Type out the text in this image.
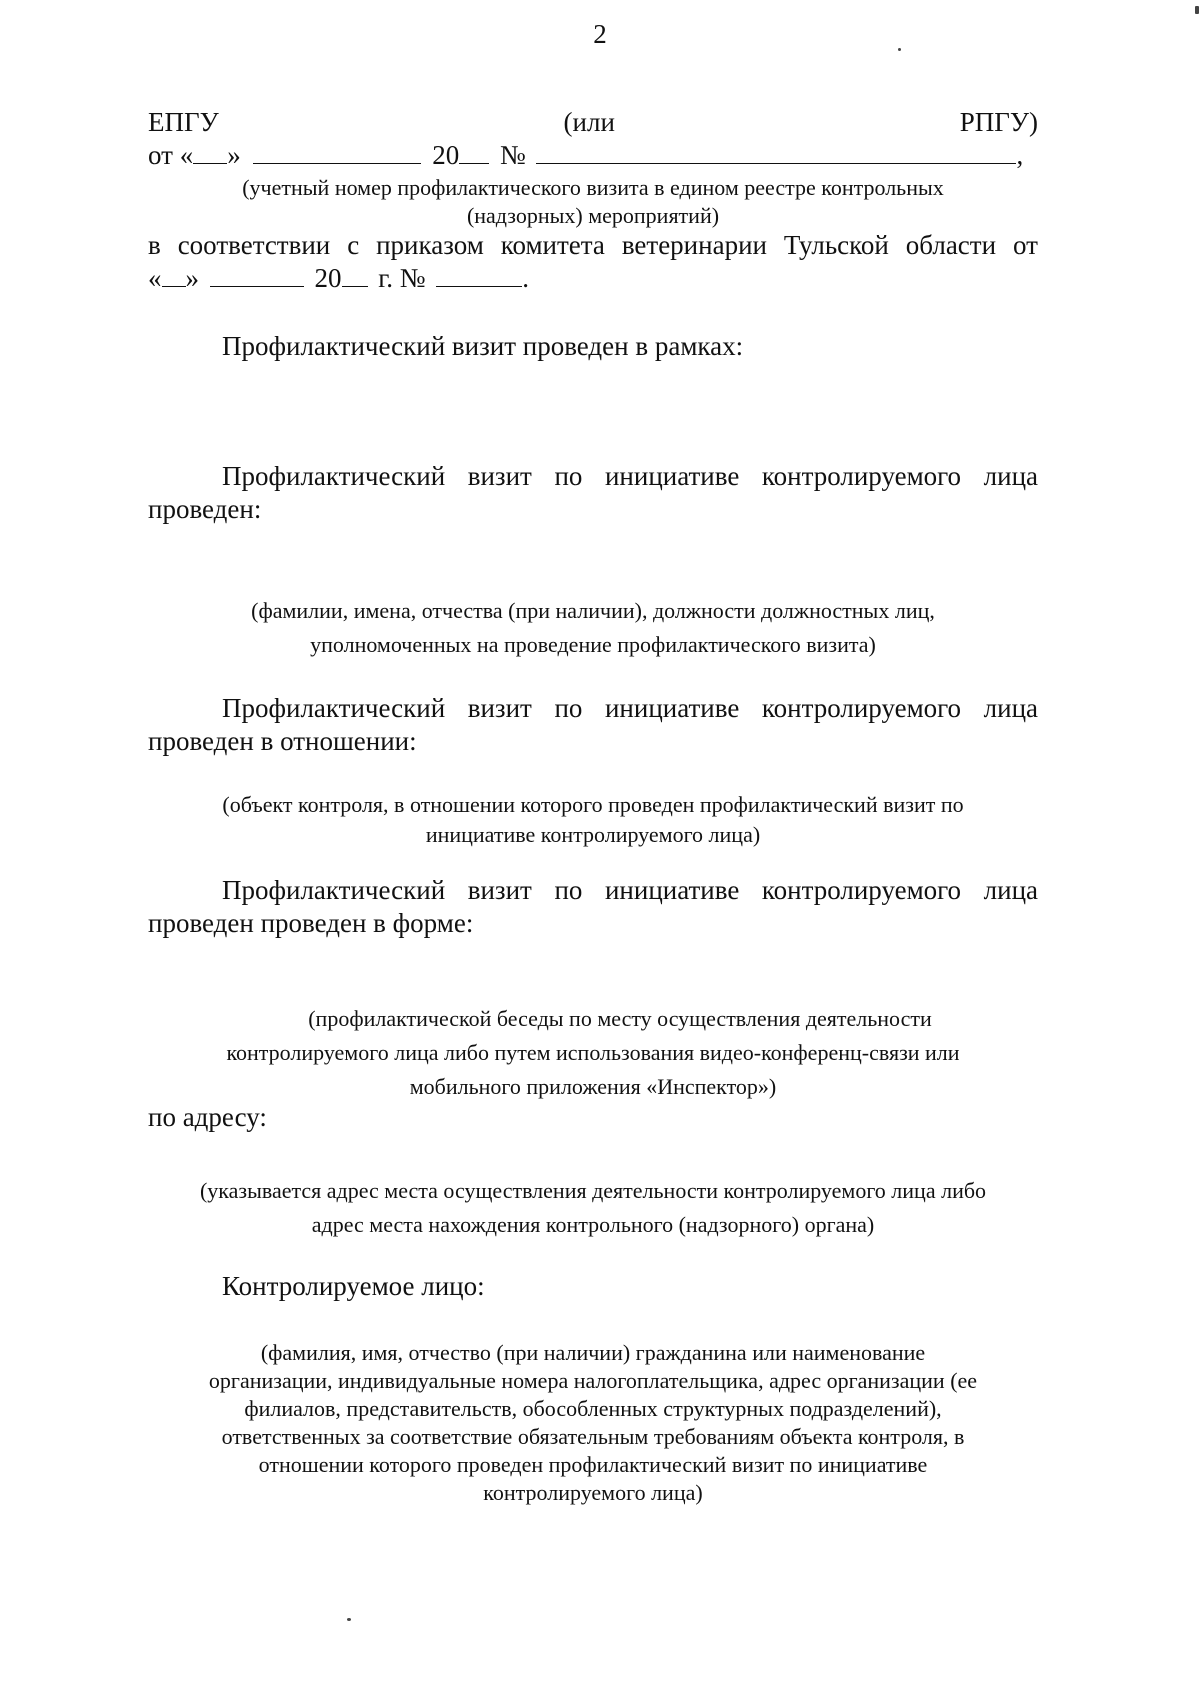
2
ЕПГУ	(или	РПГУ)
от « »	20 №	,
(учетный номер профилактического визита в едином реестре контрольных
(надзорных) мероприятий)
в соответствии с приказом комитета ветеринарии Тульской области от
« »	20 г. №	.
Профилактический визит проведен в рамках:
Профилактический визит по инициативе контролируемого лица
проведен:
(фамилии, имена, отчества (при наличии), должности должностных лиц,
уполномоченных на проведение профилактического визита)
Профилактический визит по инициативе контролируемого лица
проведен в отношении:
(объект контроля, в отношении которого проведен профилактический визит по
инициативе контролируемого лица)
Профилактический визит по инициативе контролируемого лица
проведен проведен в форме:
(профилактической беседы по месту осуществления деятельности
контролируемого лица либо путем использования видео-конференц-связи или
мобильного приложения «Инспектор»)
по адресу:
(указывается адрес места осуществления деятельности контролируемого лица либо
адрес места нахождения контрольного (надзорного) органа)
Контролируемое лицо:
(фамилия, имя, отчество (при наличии) гражданина или наименование
организации, индивидуальные номера налогоплательщика, адрес организации (ее
филиалов, представительств, обособленных структурных подразделений),
ответственных за соответствие обязательным требованиям объекта контроля, в
отношении которого проведен профилактический визит по инициативе
контролируемого лица)
